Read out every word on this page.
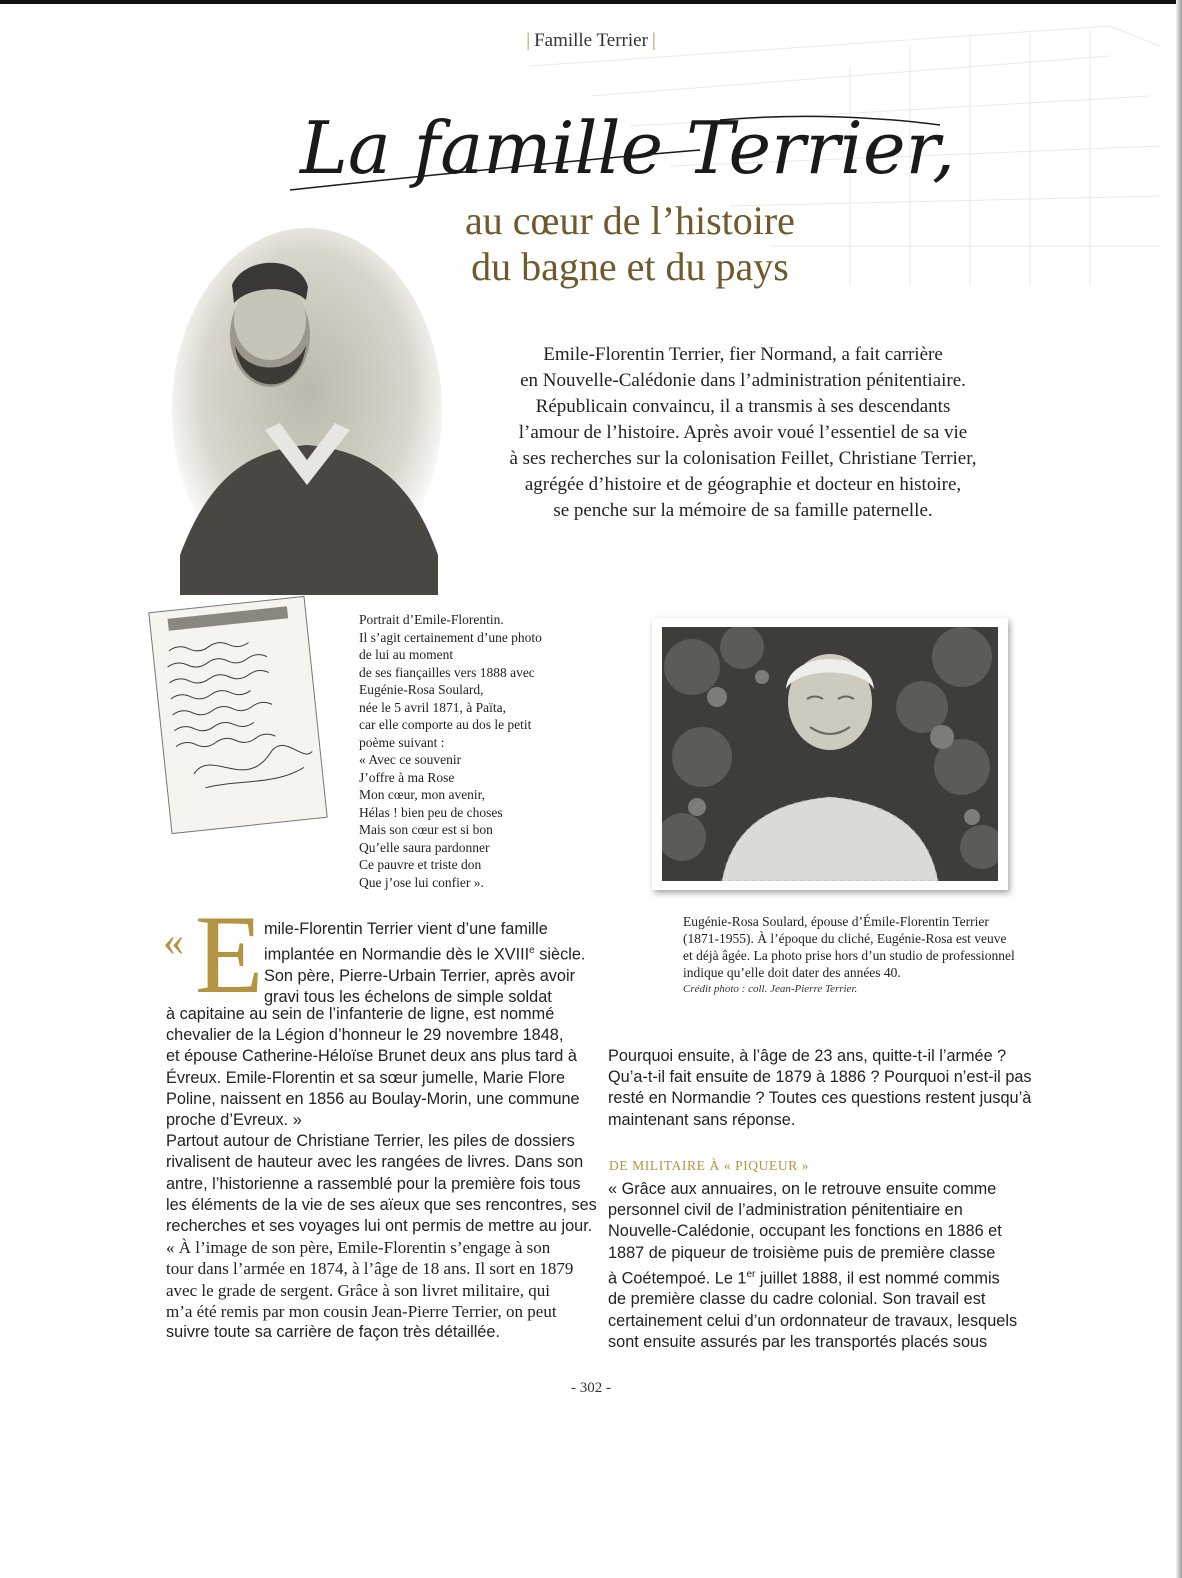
| Famille Terrier |
La famille Terrier,
au cœur de l’histoire
du bagne et du pays
Portrait d’Emile-Florentin.
Il s’agit certainement d’une photo
de lui au moment
de ses fiançailles vers 1888 avec
Eugénie-Rosa Soulard,
née le 5 avril 1871, à Païta,
car elle comporte au dos le petit
poème suivant :
« Avec ce souvenir
J’offre à ma Rose
Mon cœur, mon avenir,
Hélas ! bien peu de choses
Mais son cœur est si bon
Qu’elle saura pardonner
Ce pauvre et triste don
Que j’ose lui confier ».
Eugénie-Rosa Soulard, épouse d’Émile-Florentin Terrier
(1871-1955). À l’époque du cliché, Eugénie-Rosa est veuve
et déjà âgée. La photo prise hors d’un studio de professionnel
indique qu’elle doit dater des années 40.
Crédit photo : coll. Jean-Pierre Terrier.
« E mile-Florentin Terrier vient d’une famille
implantée en Normandie dès le XVIIIe siècle.
Son père, Pierre-Urbain Terrier, après avoir
gravi tous les échelons de simple soldat
à capitaine au sein de l’infanterie de ligne, est nommé
chevalier de la Légion d’honneur le 29 novembre 1848,
et épouse Catherine-Héloïse Brunet deux ans plus tard à
Évreux. Emile-Florentin et sa sœur jumelle, Marie Flore
Poline, naissent en 1856 au Boulay-Morin, une commune
proche d’Evreux. »
Partout autour de Christiane Terrier, les piles de dossiers
rivalisent de hauteur avec les rangées de livres. Dans son
antre, l’historienne a rassemblé pour la première fois tous
les éléments de la vie de ses aïeux que ses rencontres, ses
recherches et ses voyages lui ont permis de mettre au jour.
« À l’image de son père, Emile-Florentin s’engage à son
tour dans l’armée en 1874, à l’âge de 18 ans. Il sort en 1879
avec le grade de sergent. Grâce à son livret militaire, qui
m’a été remis par mon cousin Jean-Pierre Terrier, on peut
suivre toute sa carrière de façon très détaillée.
Pourquoi ensuite, à l’âge de 23 ans, quitte-t-il l’armée ?
Qu’a-t-il fait ensuite de 1879 à 1886 ? Pourquoi n’est-il pas
resté en Normandie ? Toutes ces questions restent jusqu’à
maintenant sans réponse.
DE MILITAIRE À « PIQUEUR »
« Grâce aux annuaires, on le retrouve ensuite comme
personnel civil de l’administration pénitentiaire en
Nouvelle-Calédonie, occupant les fonctions en 1886 et
1887 de piqueur de troisième puis de première classe
à Coétempoé. Le 1er juillet 1888, il est nommé commis
de première classe du cadre colonial. Son travail est
certainement celui d’un ordonnateur de travaux, lesquels
sont ensuite assurés par les transportés placés sous
- 302 -
Emile-Florentin Terrier, fier Normand, a fait carrière
en Nouvelle-Calédonie dans l’administration pénitentiaire.
Républicain convaincu, il a transmis à ses descendants
l’amour de l’histoire. Après avoir voué l’essentiel de sa vie
à ses recherches sur la colonisation Feillet, Christiane Terrier,
agrégée d’histoire et de géographie et docteur en histoire,
se penche sur la mémoire de sa famille paternelle.
